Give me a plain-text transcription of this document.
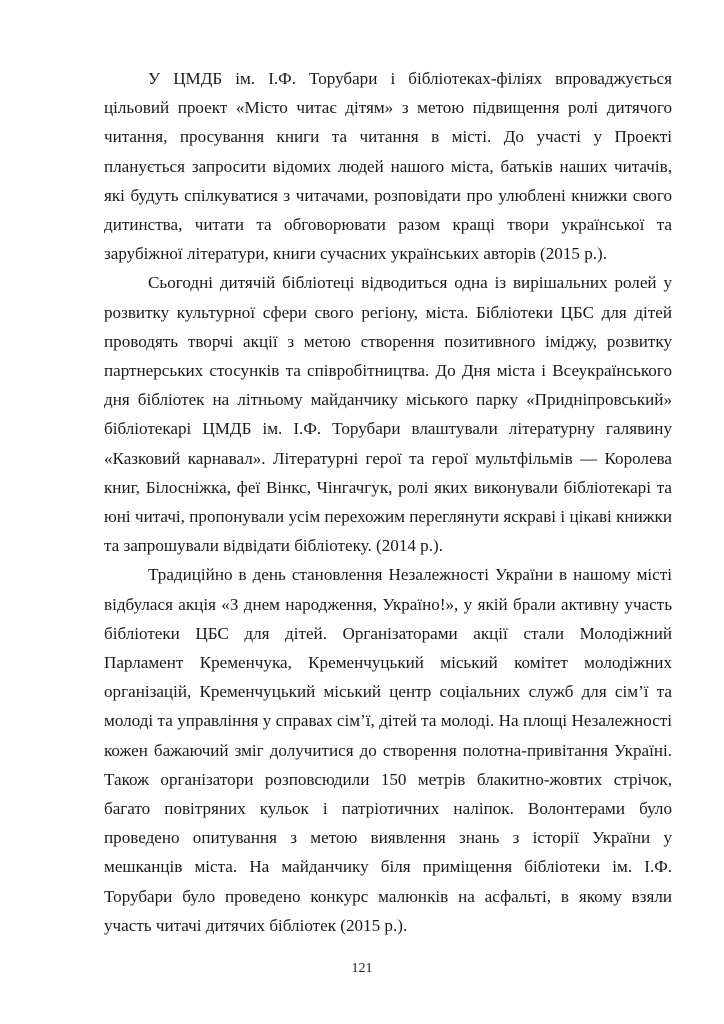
У ЦМДБ ім. І.Ф. Торубари і бібліотеках-філіях впроваджується цільовий проект «Місто читає дітям» з метою підвищення ролі дитячого читання, просування книги та читання в місті. До участі у Проекті планується запросити відомих людей нашого міста, батьків наших читачів, які будуть спілкуватися з читачами, розповідати про улюблені книжки свого дитинства, читати та обговорювати разом кращі твори української та зарубіжної літератури, книги сучасних українських авторів (2015 р.).

Сьогодні дитячій бібліотеці відводиться одна із вирішальних ролей у розвитку культурної сфери свого регіону, міста. Бібліотеки ЦБС для дітей проводять творчі акції з метою створення позитивного іміджу, розвитку партнерських стосунків та співробітництва. До Дня міста і Всеукраїнського дня бібліотек на літньому майданчику міського парку «Придніпровський» бібліотекарі ЦМДБ ім. І.Ф. Торубари влаштували літературну галявину «Казковий карнавал». Літературні герої та герої мультфільмів — Королева книг, Білосніжка, феї Вінкс, Чінгачгук, ролі яких виконували бібліотекарі та юні читачі, пропонували усім перехожим переглянути яскраві і цікаві книжки та запрошували відвідати бібліотеку. (2014 р.).

Традиційно в день становлення Незалежності України в нашому місті відбулася акція «З днем народження, Україно!», у якій брали активну участь бібліотеки ЦБС для дітей. Організаторами акції стали Молодіжний Парламент Кременчука, Кременчуцький міський комітет молодіжних організацій, Кременчуцький міський центр соціальних служб для сім’ї та молоді та управління у справах сім’ї, дітей та молоді. На площі Незалежності кожен бажаючий зміг долучитися до створення полотна-привітання Україні. Також організатори розповсюдили 150 метрів блакитно-жовтих стрічок, багато повітряних кульок і патріотичних наліпок. Волонтерами було проведено опитування з метою виявлення знань з історії України у мешканців міста. На майданчику біля приміщення бібліотеки ім. І.Ф. Торубари було проведено конкурс малюнків на асфальті, в якому взяли участь читачі дитячих бібліотек (2015 р.).

121
